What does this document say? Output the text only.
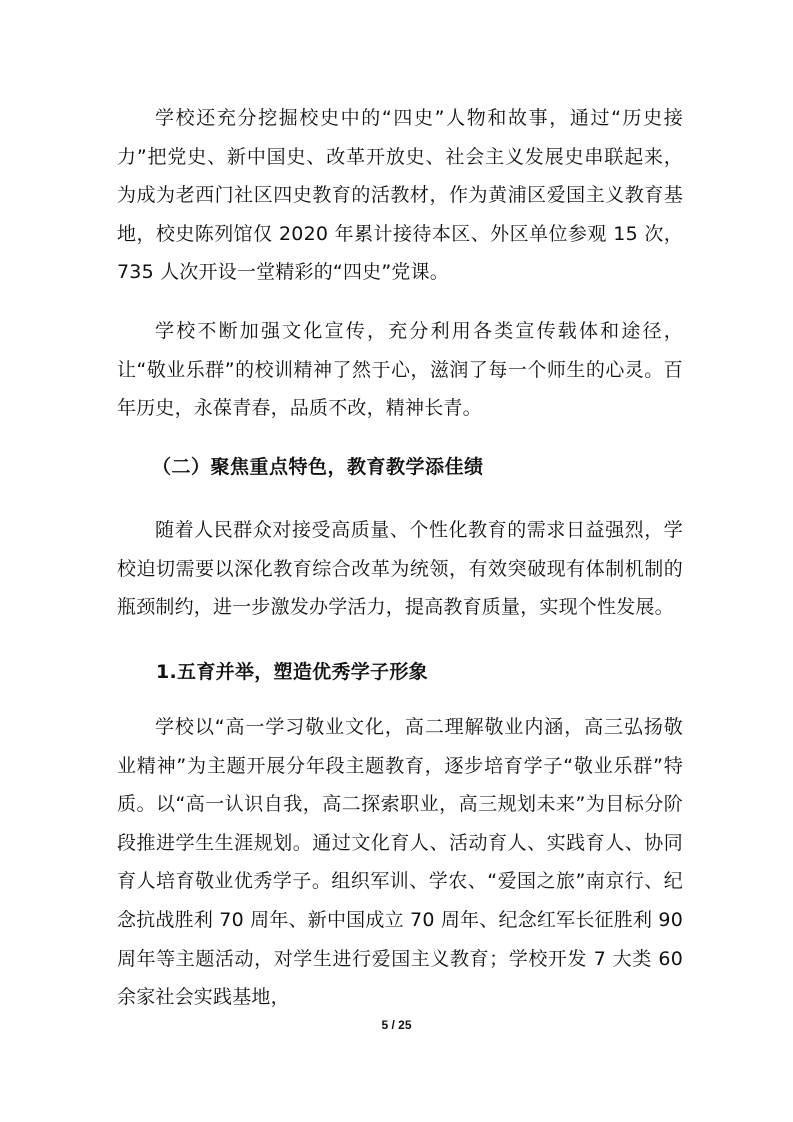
学校还充分挖掘校史中的“四史”人物和故事，通过“历史接力”把党史、新中国史、改革开放史、社会主义发展史串联起来，为成为老西门社区四史教育的活教材，作为黄浦区爱国主义教育基地，校史陈列馆仅 2020 年累计接待本区、外区单位参观 15 次，735 人次开设一堂精彩的“四史”党课。

学校不断加强文化宣传，充分利用各类宣传载体和途径，让“敬业乐群”的校训精神了然于心，滋润了每一个师生的心灵。百年历史，永葆青春，品质不改，精神长青。

（二）聚焦重点特色，教育教学添佳绩

随着人民群众对接受高质量、个性化教育的需求日益强烈，学校迫切需要以深化教育综合改革为统领，有效突破现有体制机制的瓶颈制约，进一步激发办学活力，提高教育质量，实现个性发展。

1.五育并举，塑造优秀学子形象

学校以“高一学习敬业文化，高二理解敬业内涵，高三弘扬敬业精神”为主题开展分年段主题教育，逐步培育学子“敬业乐群”特质。以“高一认识自我，高二探索职业，高三规划未来”为目标分阶段推进学生生涯规划。通过文化育人、活动育人、实践育人、协同育人培育敬业优秀学子。组织军训、学农、“爱国之旅”南京行、纪念抗战胜利 70 周年、新中国成立 70 周年、纪念红军长征胜利 90 周年等主题活动，对学生进行爱国主义教育；学校开发 7 大类 60 余家社会实践基地，

5 / 25
